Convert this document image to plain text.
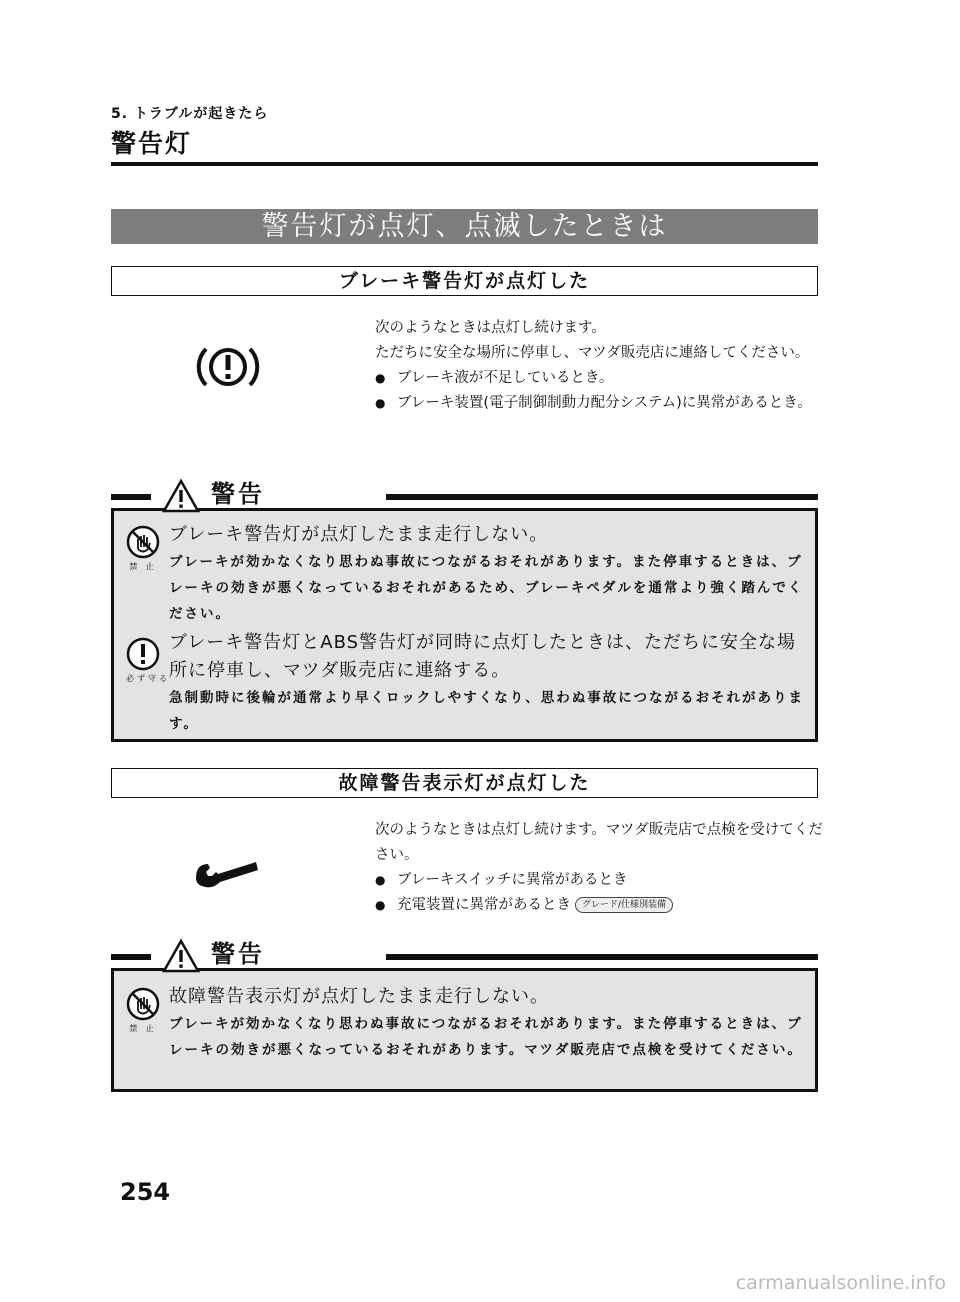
5. トラブルが起きたら
警告灯
警告灯が点灯、点滅したときは
ブレーキ警告灯が点灯した

次のようなときは点灯し続けます。

ただちに安全な場所に停車し、マツダ販売店に連絡してください。

● ブレーキ液が不足しているとき。
● ブレーキ装置(電子制御制動力配分システム)に異常があるとき。
禁 止
ブレーキ警告灯が点灯したまま走行しない。
ブレーキが効かなくなり思わぬ事故につながるおそれがあります。また停車するときは、ブレーキの効きが悪くなっているおそれがあるため、ブレーキペダルを通常より強く踏んでください。
必ず守る
ブレーキ警告灯とABS警告灯が同時に点灯したときは、ただちに安全な場所に停車し、マツダ販売店に連絡する。
急制動時に後輪が通常より早くロックしやすくなり、思わぬ事故につながるおそれがあります。
警告
故障警告表示灯が点灯した

次のようなときは点灯し続けます。マツダ販売店で点検を受けてください。

● ブレーキスイッチに異常があるとき
● 充電装置に異常があるとき グレード/仕様別装備
禁 止
故障警告表示灯が点灯したまま走行しない。
ブレーキが効かなくなり思わぬ事故につながるおそれがあります。また停車するときは、ブレーキの効きが悪くなっているおそれがあります。マツダ販売店で点検を受けてください。
警告
254
carmanualsonline.info
